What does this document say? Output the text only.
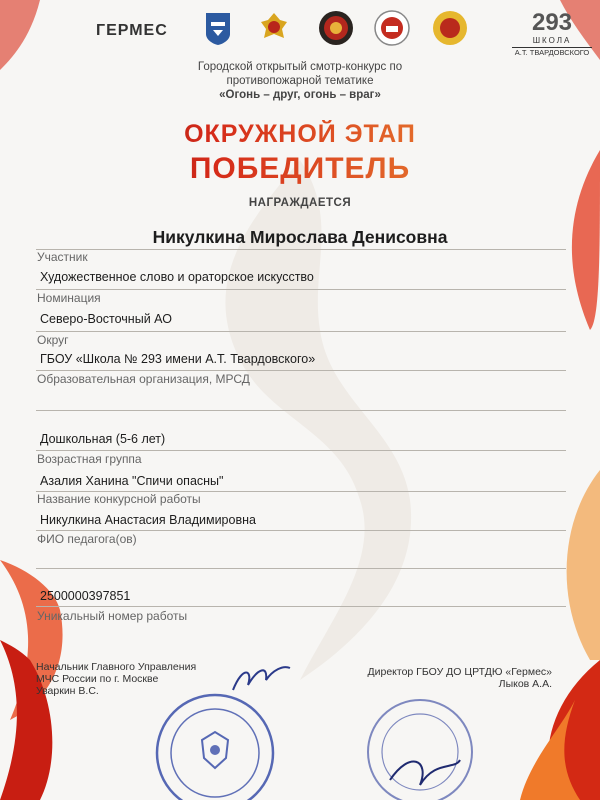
ГЕРМЕС	293
ШКОЛА
А.Т. ТВАРДОВСКОГО
Городской открытый смотр-конкурс по
противопожарной тематике
«Огонь – друг, огонь – враг»
ОКРУЖНОЙ ЭТАП
ПОБЕДИТЕЛЬ
НАГРАЖДАЕТСЯ
Никулкина Мирослава Денисовна
Участник
Художественное слово и ораторское искусство
Номинация
Северо-Восточный АО
Округ
ГБОУ «Школа № 293 имени А.Т. Твардовского»
Образовательная организация, МРСД
Дошкольная (5-6 лет)
Возрастная группа
Азалия Ханина "Спичи опасны"
Название конкурсной работы
Никулкина Анастасия Владимировна
ФИО педагога(ов)
2500000397851
Уникальный номер работы
Начальник Главного Управления
МЧС России по г. Москве
Уваркин В.С.
Директор ГБОУ ДО ЦРТДЮ «Гермес»
Лыков А.А.
